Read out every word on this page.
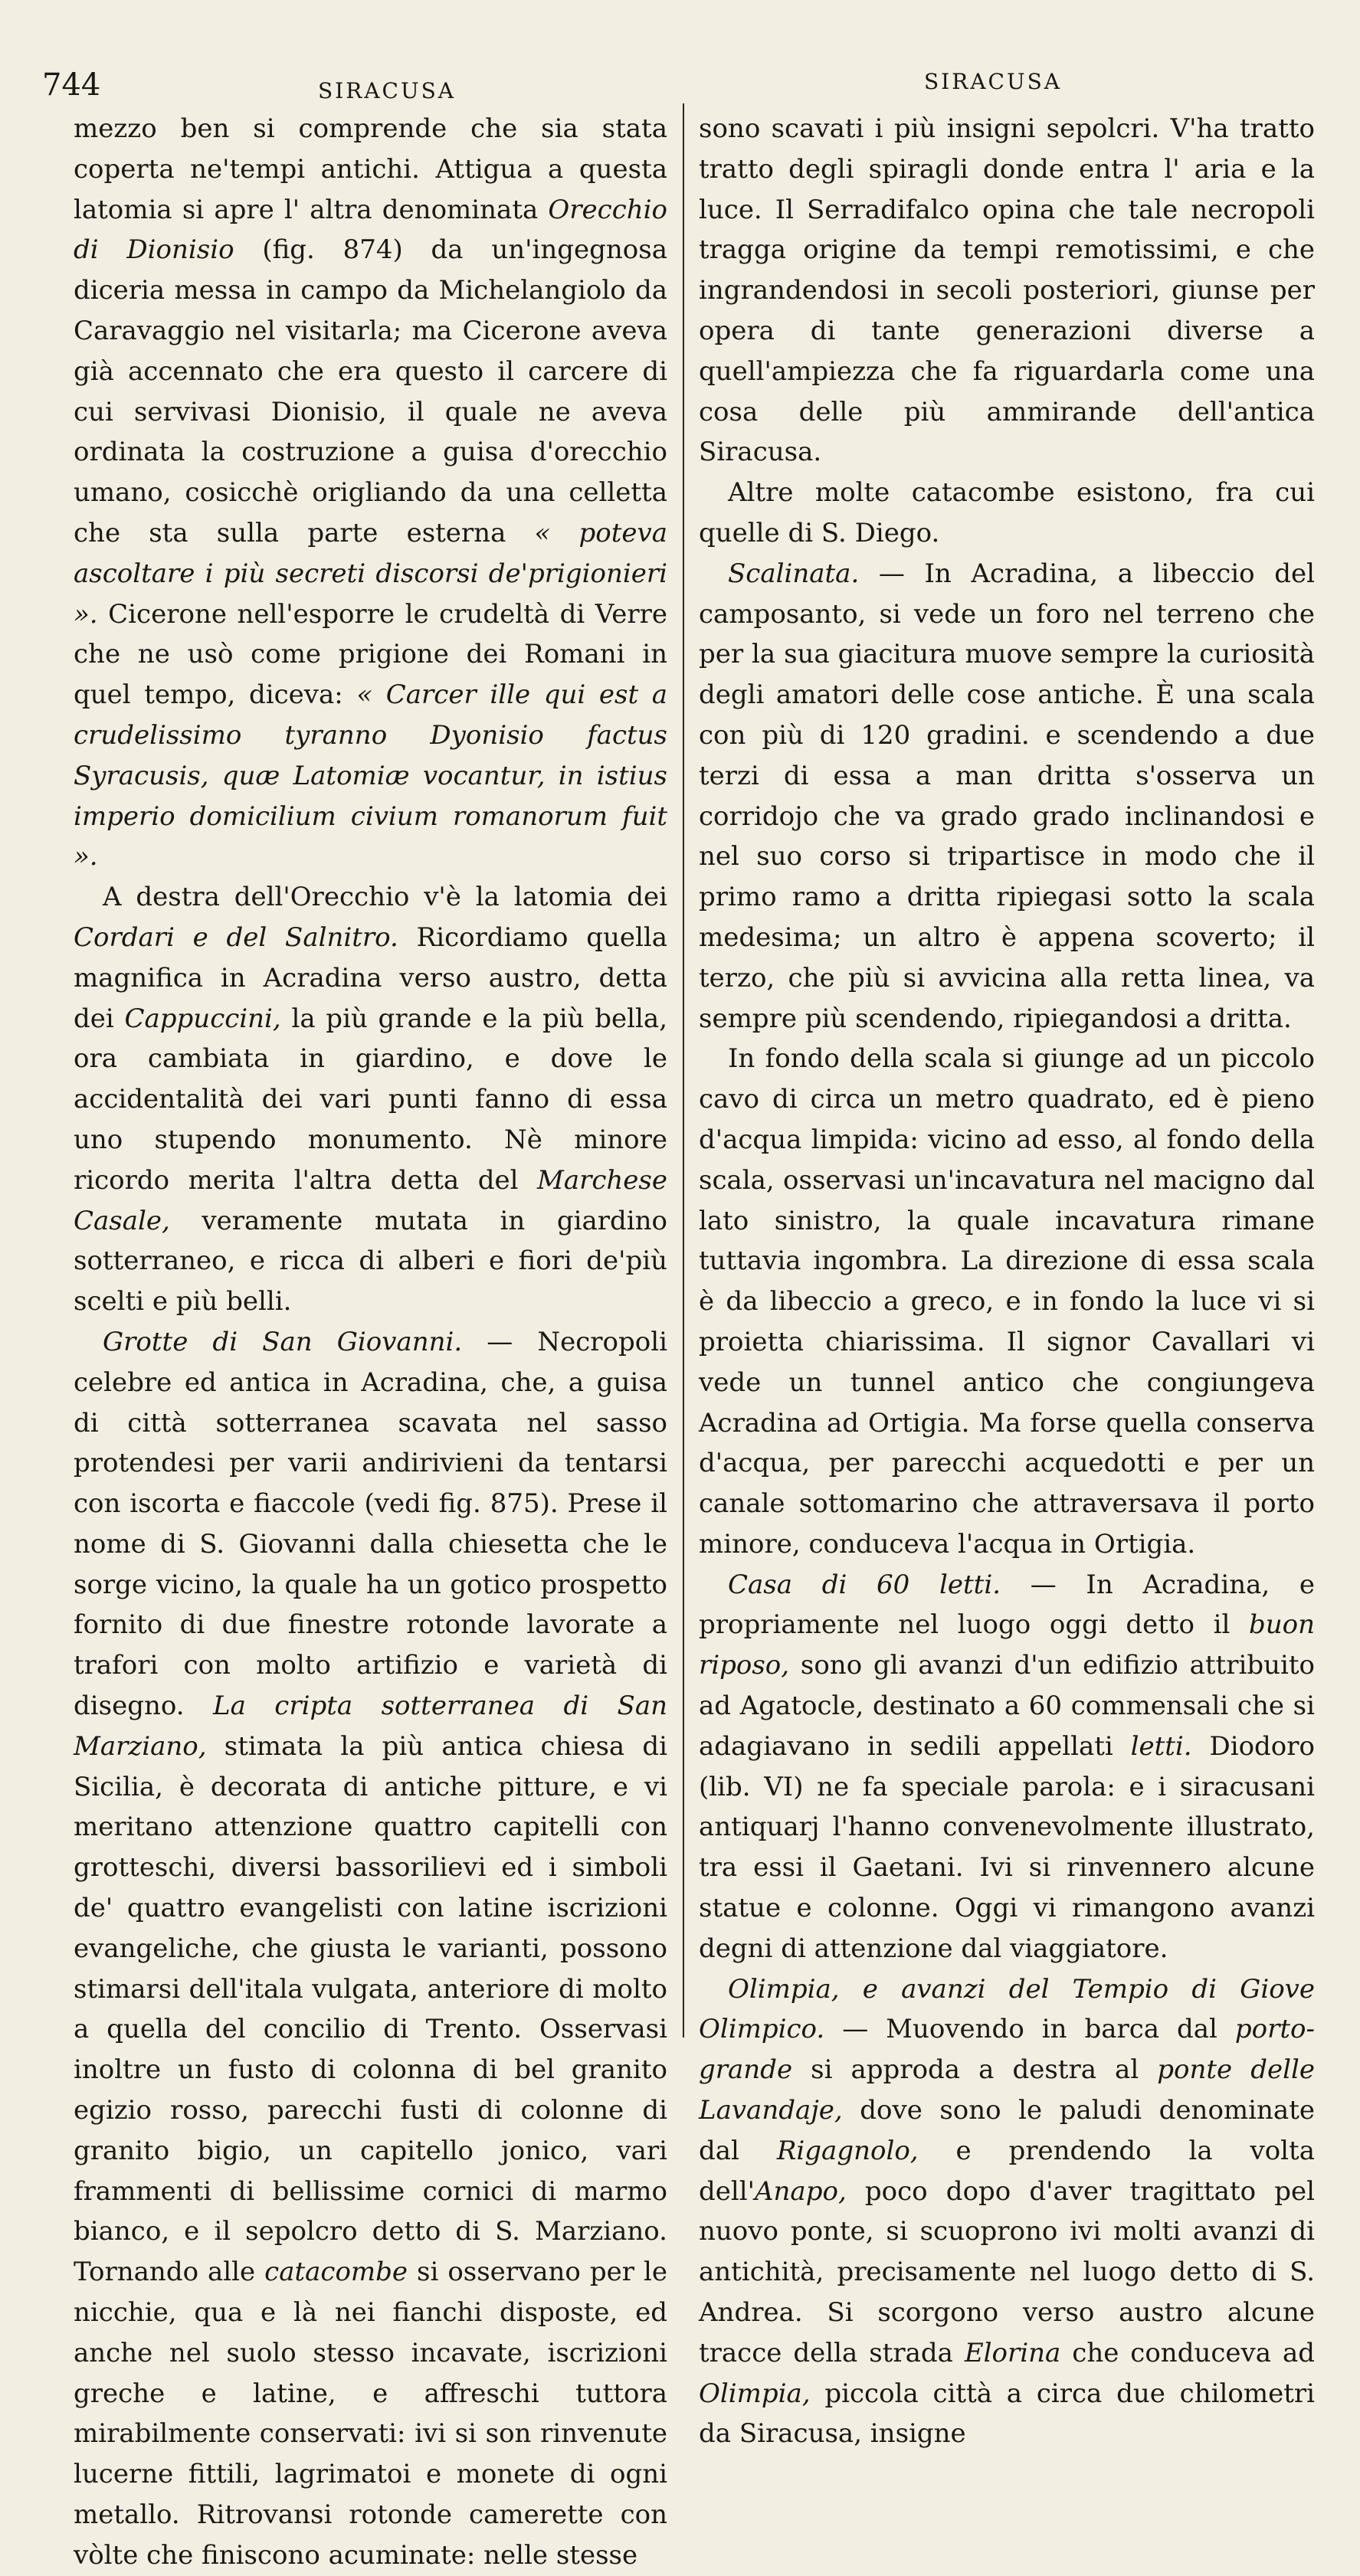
744	SIRACUSA	SIRACUSA

mezzo ben si comprende che sia stata coperta ne'tempi antichi. Attigua a questa latomia si apre l' altra denominata Orecchio di Dionisio (fig. 874) da un'ingegnosa diceria messa in campo da Michelangiolo da Caravaggio nel visitarla; ma Cicerone aveva già accennato che era questo il carcere di cui servivasi Dionisio, il quale ne aveva ordinata la costruzione a guisa d'orecchio umano, cosicchè origliando da una celletta che sta sulla parte esterna « poteva ascoltare i più secreti discorsi de'prigionieri ». Cicerone nell'esporre le crudeltà di Verre che ne usò come prigione dei Romani in quel tempo, diceva: « Carcer ille qui est a crudelissimo tyranno Dyonisio factus Syracusis, quæ Latomiæ vocantur, in istius imperio domicilium civium romanorum fuit ».

A destra dell'Orecchio v'è la latomia dei Cordari e del Salnitro. Ricordiamo quella magnifica in Acradina verso austro, detta dei Cappuccini, la più grande e la più bella, ora cambiata in giardino, e dove le accidentalità dei vari punti fanno di essa uno stupendo monumento. Nè minore ricordo merita l'altra detta del Marchese Casale, veramente mutata in giardino sotterraneo, e ricca di alberi e fiori de'più scelti e più belli.

Grotte di San Giovanni. — Necropoli celebre ed antica in Acradina, che, a guisa di città sotterranea scavata nel sasso protendesi per varii andirivieni da tentarsi con iscorta e fiaccole (vedi fig. 875). Prese il nome di S. Giovanni dalla chiesetta che le sorge vicino, la quale ha un gotico prospetto fornito di due finestre rotonde lavorate a trafori con molto artifizio e varietà di disegno. La cripta sotterranea di San Marziano, stimata la più antica chiesa di Sicilia, è decorata di antiche pitture, e vi meritano attenzione quattro capitelli con grotteschi, diversi bassorilievi ed i simboli de' quattro evangelisti con latine iscrizioni evangeliche, che giusta le varianti, possono stimarsi dell'itala vulgata, anteriore di molto a quella del concilio di Trento. Osservasi inoltre un fusto di colonna di bel granito egizio rosso, parecchi fusti di colonne di granito bigio, un capitello jonico, vari frammenti di bellissime cornici di marmo bianco, e il sepolcro detto di S. Marziano. Tornando alle catacombe si osservano per le nicchie, qua e là nei fianchi disposte, ed anche nel suolo stesso incavate, iscrizioni greche e latine, e affreschi tuttora mirabilmente conservati: ivi si son rinvenute lucerne fittili, lagrimatoi e monete di ogni metallo. Ritrovansi rotonde camerette con vòlte che finiscono acuminate: nelle stesse

sono scavati i più insigni sepolcri. V'ha tratto tratto degli spiragli donde entra l' aria e la luce. Il Serradifalco opina che tale necropoli tragga origine da tempi remotissimi, e che ingrandendosi in secoli posteriori, giunse per opera di tante generazioni diverse a quell'ampiezza che fa riguardarla come una cosa delle più ammirande dell'antica Siracusa.

Altre molte catacombe esistono, fra cui quelle di S. Diego.

Scalinata. — In Acradina, a libeccio del camposanto, si vede un foro nel terreno che per la sua giacitura muove sempre la curiosità degli amatori delle cose antiche. È una scala con più di 120 gradini. e scendendo a due terzi di essa a man dritta s'osserva un corridojo che va grado grado inclinandosi e nel suo corso si tripartisce in modo che il primo ramo a dritta ripiegasi sotto la scala medesima; un altro è appena scoverto; il terzo, che più si avvicina alla retta linea, va sempre più scendendo, ripiegandosi a dritta.

In fondo della scala si giunge ad un piccolo cavo di circa un metro quadrato, ed è pieno d'acqua limpida: vicino ad esso, al fondo della scala, osservasi un'incavatura nel macigno dal lato sinistro, la quale incavatura rimane tuttavia ingombra. La direzione di essa scala è da libeccio a greco, e in fondo la luce vi si proietta chiarissima. Il signor Cavallari vi vede un tunnel antico che congiungeva Acradina ad Ortigia. Ma forse quella conserva d'acqua, per parecchi acquedotti e per un canale sottomarino che attraversava il porto minore, conduceva l'acqua in Ortigia.

Casa di 60 letti. — In Acradina, e propriamente nel luogo oggi detto il buon riposo, sono gli avanzi d'un edifizio attribuito ad Agatocle, destinato a 60 commensali che si adagiavano in sedili appellati letti. Diodoro (lib. VI) ne fa speciale parola: e i siracusani antiquarj l'hanno convenevolmente illustrato, tra essi il Gaetani. Ivi si rinvennero alcune statue e colonne. Oggi vi rimangono avanzi degni di attenzione dal viaggiatore.

Olimpia, e avanzi del Tempio di Giove Olimpico. — Muovendo in barca dal porto-grande si approda a destra al ponte delle Lavandaje, dove sono le paludi denominate dal Rigagnolo, e prendendo la volta dell'Anapo, poco dopo d'aver tragittato pel nuovo ponte, si scuoprono ivi molti avanzi di antichità, precisamente nel luogo detto di S. Andrea. Si scorgono verso austro alcune tracce della strada Elorina che conduceva ad Olimpia, piccola città a circa due chilometri da Siracusa, insigne
